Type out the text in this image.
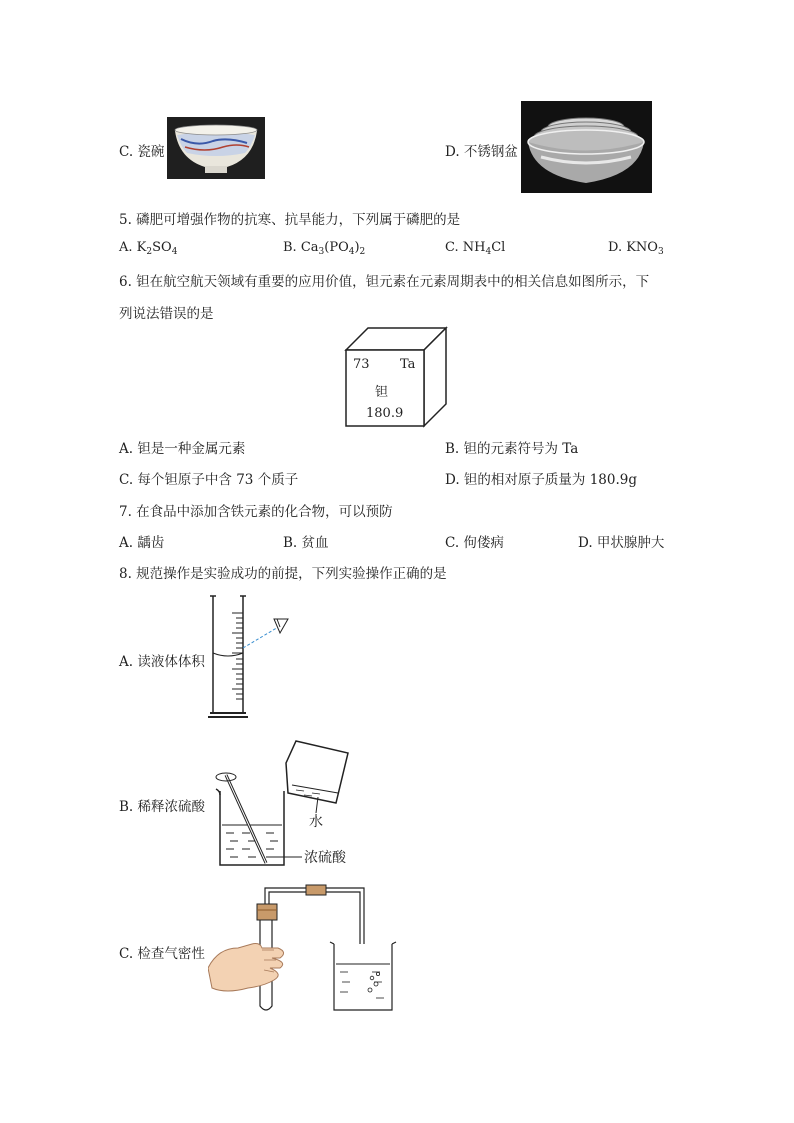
C. 瓷碗	D. 不锈钢盆
5. 磷肥可增强作物的抗寒、抗旱能力，下列属于磷肥的是
A. $K_2SO_4$	B. $Ca_3(PO_4)_2$	C. $NH_4Cl$	D. $KNO_3$
6. 钽在航空航天领域有重要的应用价值，钽元素在元素周期表中的相关信息如图所示，下
列说法错误的是
73 Ta
钽
180.9
A. 钽是一种金属元素	B. 钽的元素符号为 Ta
C. 每个钽原子中含 73 个质子	D. 钽的相对原子质量为 180.9g
7. 在食品中添加含铁元素的化合物，可以预防
A. 龋齿	B. 贫血	C. 佝偻病	D. 甲状腺肿大
8. 规范操作是实验成功的前提，下列实验操作正确的是
A. 读液体体积
B. 稀释浓硫酸
水
浓硫酸
C. 检查气密性
